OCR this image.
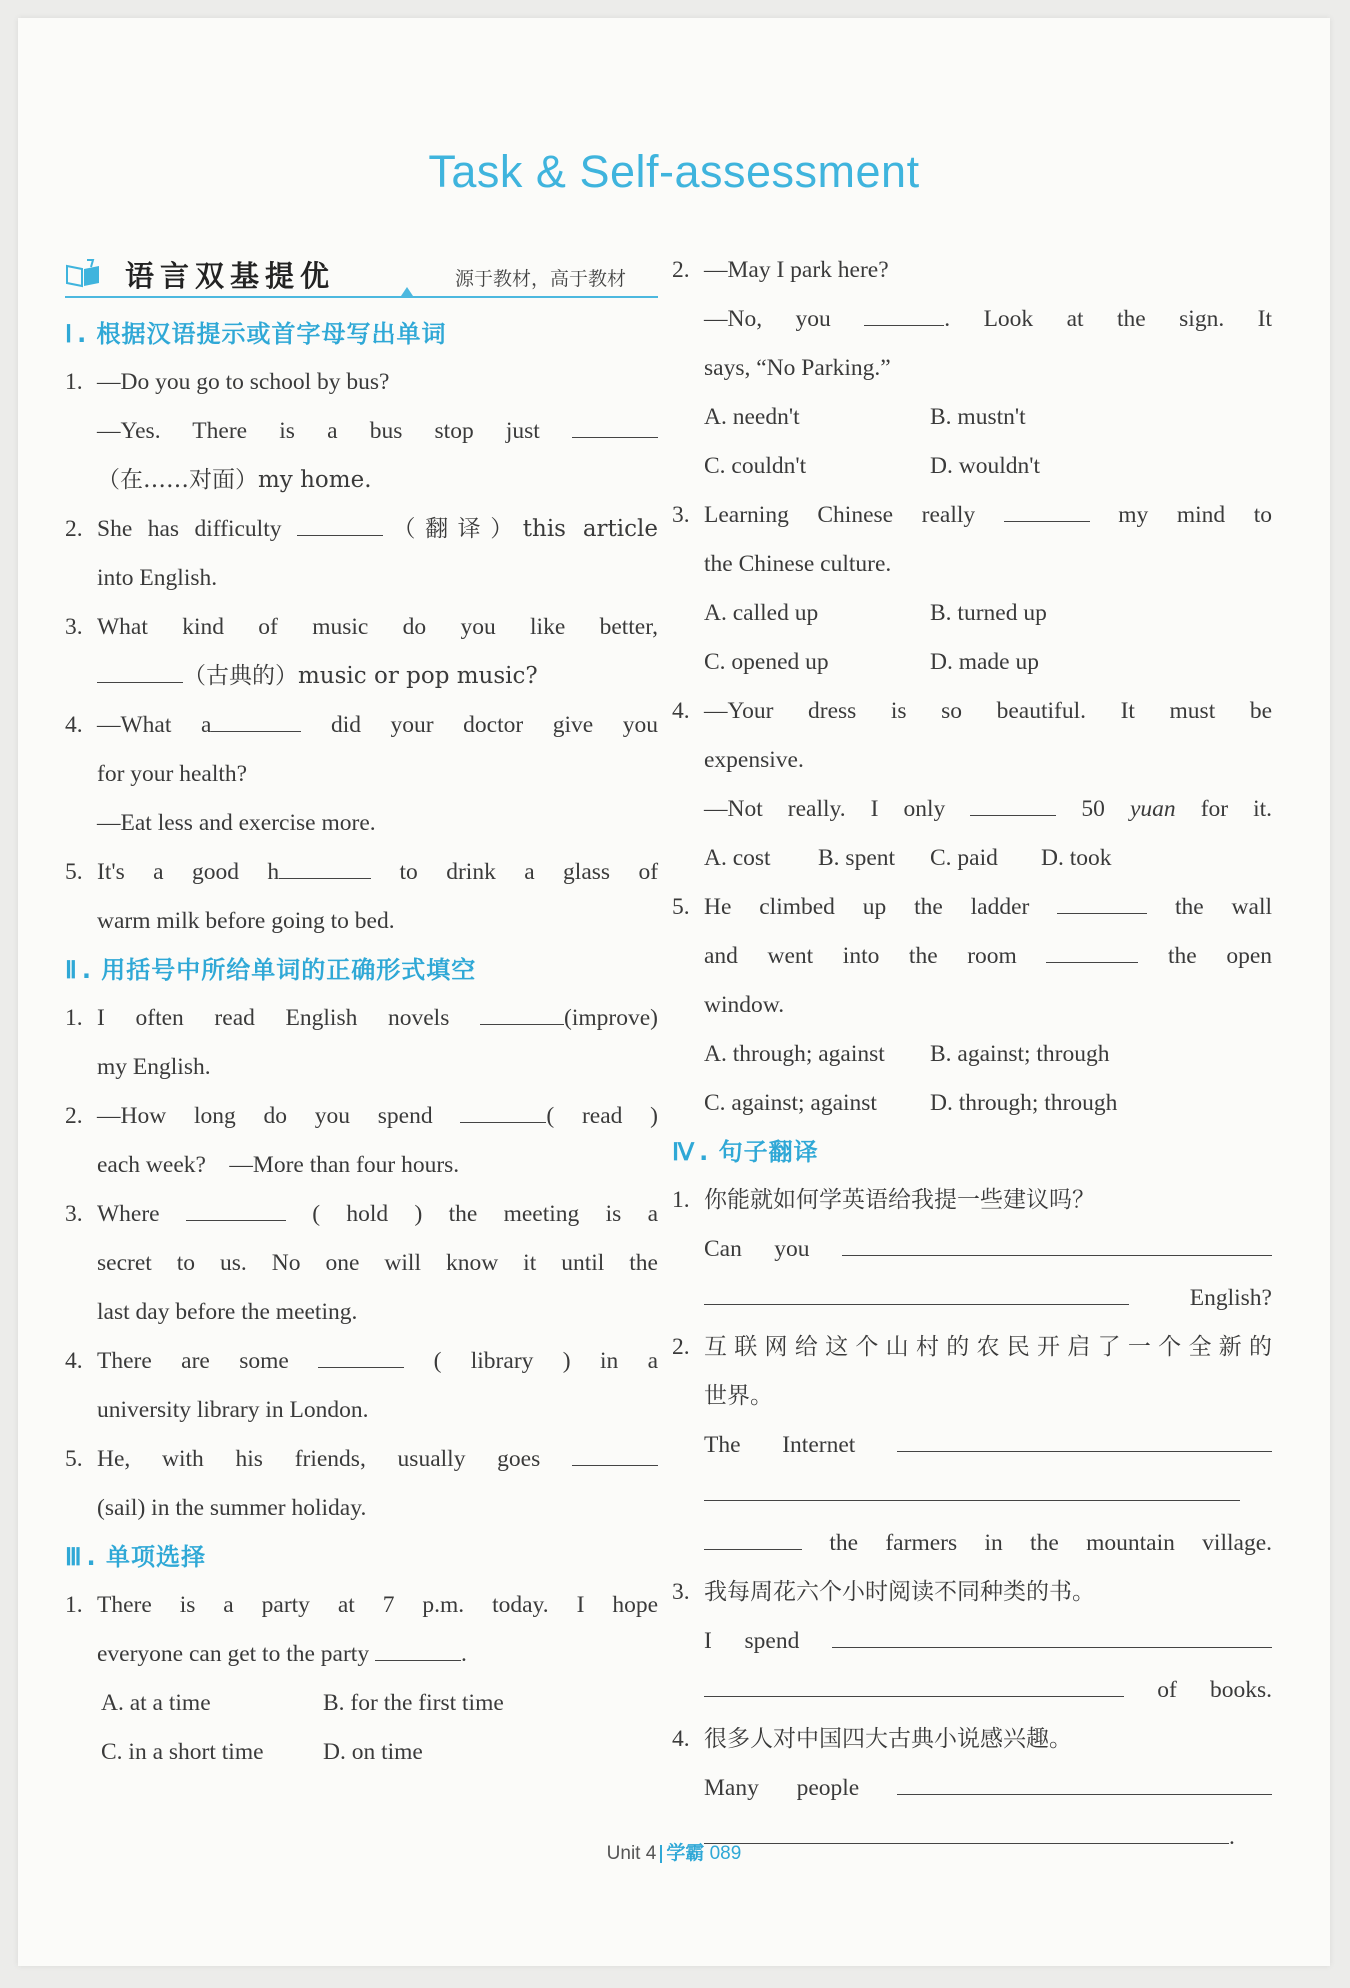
Task & Self-assessment
语言双基提优	源于教材，高于教材
Ⅰ . 根据汉语提示或首字母写出单词
1. —Do you go to school by bus?
—Yes. There is a bus stop just
（在……对面）my home.
2. She has difficulty	（翻译）this article
into English.
3. What kind of music do you like better,
（古典的）music or pop music?
4. —What a	did your doctor give you
for your health?
—Eat less and exercise more.
5. It's a good h	to drink a glass of
warm milk before going to bed.
Ⅱ . 用括号中所给单词的正确形式填空
1. I often read English novels	(improve)
my English.
2. —How long do you spend	( read )
each week?    —More than four hours.
3. Where	( hold ) the meeting is a
secret to us. No one will know it until the
last day before the meeting.
4. There are some	( library ) in a
university library in London.
5. He, with his friends, usually goes
(sail) in the summer holiday.
Ⅲ . 单项选择
1. There is a party at 7 p.m. today. I hope
everyone can get to the party	.
A. at a time	B. for the first time
C. in a short time	D. on time
2. —May I park here?
—No, you	. Look at the sign. It
says, “No Parking.”
A. needn't	B. mustn't
C. couldn't	D. wouldn't
3. Learning Chinese really	my mind to
the Chinese culture.
A. called up	B. turned up
C. opened up	D. made up
4. —Your dress is so beautiful. It must be
expensive.
—Not really. I only	50 yuan for it.
A. cost B. spent C. paid D. took
5. He climbed up the ladder	the wall
and went into the room	the open
window.
A. through; against B. against; through
C. against; against D. through; through
Ⅳ . 句子翻译
1. 你能就如何学英语给我提一些建议吗？
Can you
English?
2. 互联网给这个山村的农民开启了一个全新的
世界。
The Internet
the farmers in the mountain village.
3. 我每周花六个小时阅读不同种类的书。
I spend
of books.
4. 很多人对中国四大古典小说感兴趣。
Many people
.
Unit 4 学霸 089
